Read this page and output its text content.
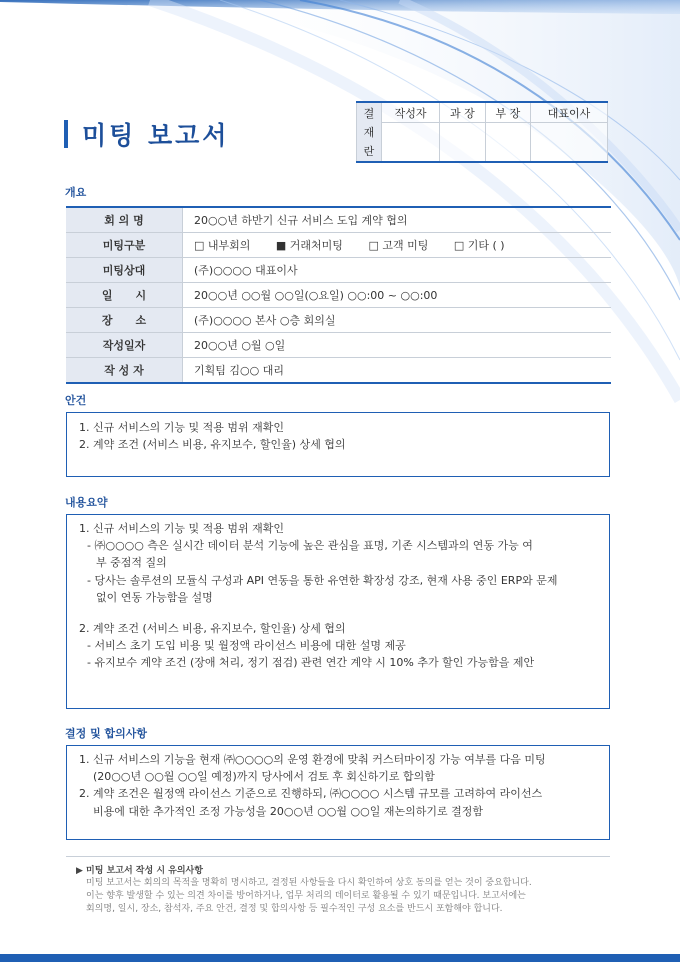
미팅 보고서
결
재
란	작성자	과 장	부 장	대표이사

개요
회 의 명	20○○년 하반기 신규 서비스 도입 계약 협의
미팅구분	□ 내부회의 ■ 거래처미팅 □ 고객 미팅 □ 기타 ( )
미팅상대	(주)○○○○ 대표이사
일      시	20○○년 ○○월 ○○일(○요일) ○○:00 ~ ○○:00
장      소	(주)○○○○ 본사 ○층 회의실
작성일자	20○○년 ○월 ○일
작 성 자	기획팀 김○○ 대리
안건
1. 신규 서비스의 기능 및 적용 범위 재확인
2. 계약 조건 (서비스 비용, 유지보수, 할인율) 상세 협의
내용요약
1. 신규 서비스의 기능 및 적용 범위 재확인
- ㈜○○○○ 측은 실시간 데이터 분석 기능에 높은 관심을 표명, 기존 시스템과의 연동 가능 여
부 중점적 질의
- 당사는 솔루션의 모듈식 구성과 API 연동을 통한 유연한 확장성 강조, 현재 사용 중인 ERP와 문제
없이 연동 가능함을 설명
2. 계약 조건 (서비스 비용, 유지보수, 할인율) 상세 협의
- 서비스 초기 도입 비용 및 월정액 라이선스 비용에 대한 설명 제공
- 유지보수 계약 조건 (장애 처리, 정기 점검) 관련 연간 계약 시 10% 추가 할인 가능함을 제안
결정 및 합의사항
1. 신규 서비스의 기능을 현재 ㈜○○○○의 운영 환경에 맞춰 커스터마이징 가능 여부를 다음 미팅
(20○○년 ○○월 ○○일 예정)까지 당사에서 검토 후 회신하기로 합의함
2. 계약 조건은 월정액 라이선스 기준으로 진행하되, ㈜○○○○ 시스템 규모를 고려하여 라이선스
비용에 대한 추가적인 조정 가능성을 20○○년 ○○월 ○○일 재논의하기로 결정함
▶ 미팅 보고서 작성 시 유의사항
미팅 보고서는 회의의 목적을 명확히 명시하고, 결정된 사항들을 다시 확인하여 상호 동의를 얻는 것이 중요합니다.
이는 향후 발생할 수 있는 의견 차이를 방어하거나, 업무 처리의 데이터로 활용될 수 있기 때문입니다. 보고서에는
회의명, 일시, 장소, 참석자, 주요 안건, 결정 및 합의사항 등 필수적인 구성 요소를 반드시 포함해야 합니다.
